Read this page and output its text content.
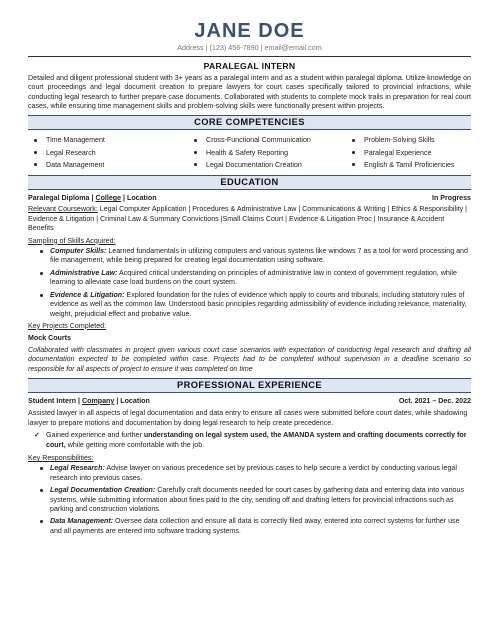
JANE DOE
Address | (123) 456-7890 | email@email.com
PARALEGAL INTERN

Detailed and diligent professional student with 3+ years as a paralegal intern and as a student within paralegal diploma. Utilize knowledge on court proceedings and legal document creation to prepare lawyers for court cases specifically tailored to provincial infractions, while conducting legal research to further prepare case documents. Collaborated with students to complete mock trails in preparation for real court cases, while ensuring time management skills and problem-solving skills were functionally present within projects.

CORE COMPETENCIES
Time Management	Cross-Functional Communication	Problem-Solving Skills
Legal Research	Health & Safety Reporting	Paralegal Experience
Data Management	Legal Documentation Creation	English & Tamil Proficiencies
EDUCATION
Paralegal Diploma | College | Location	In Progress

Relevant Coursework: Legal Computer Application | Procedures & Administrative Law | Communications & Writing | Ethics & Responsibility | Evidence & Litigation | Criminal Law & Summary Convictions |Small Claims Court | Evidence & Litigation Proc | Insurance & Accident Benefits

Sampling of Skills Acquired:

Computer Skills: Learned fundamentals in utilizing computers and various systems like windows 7 as a tool for word processing and file management, while being prepared for creating legal documentation using software.
Administrative Law: Acquired critical understanding on principles of administrative law in context of government regulation, while learning to alleviate case load burdens on the court system.
Evidence & Litigation: Explored foundation for the rules of evidence which apply to courts and tribunals, including statutory rules of evidence as well as the common law. Understood basic principles regarding admissibility of evidence including relevance, materiality, weight, prejudicial effect and probative value.

Key Projects Completed:

Mock Courts

Collaborated with classmates in project given various court case scenarios with expectation of conducting legal research and drafting all documentation expected to be completed within case. Projects had to be completed without supervision in a deadline scenario so responsible for all aspects of project to ensure it was completed on time

PROFESSIONAL EXPERIENCE
Student Intern | Company | Location	Oct. 2021 – Dec. 2022

Assisted lawyer in all aspects of legal documentation and data entry to ensure all cases were submitted before court dates, while shadowing lawyer to prepare motions and documentation by doing legal research to help create precedence.

✓ Gained experience and further understanding on legal system used, the AMANDA system and crafting documents correctly for court, while getting more comfortable with the job.

Key Responsibilities:

Legal Research: Advise lawyer on various precedence set by previous cases to help secure a verdict by conducting various legal research into previous cases.
Legal Documentation Creation: Carefully craft documents needed for court cases by gathering data and entering data into various systems, while submitting information about fines paid to the city, sending off and drafting letters for provincial infractions such as parking and construction violations.
Data Management: Oversee data collection and ensure all data is correctly filed away, entered into correct systems for further use and all payments are entered into software tracking systems.
